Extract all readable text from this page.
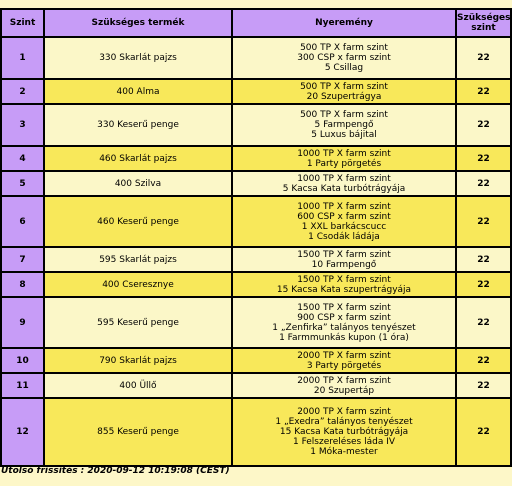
Szint	Szükséges termék	Nyeremény	Szükséges szint
1	330 Skarlát pajzs	500 TP X farm szint
300 CSP x farm szint
5 Csillag	22
2	400 Alma	500 TP X farm szint
20 Szupertrágya	22
3	330 Keserű penge	500 TP X farm szint
5 Farmpengő
5 Luxus bájital	22
4	460 Skarlát pajzs	1000 TP X farm szint
1 Party pörgetés	22
5	400 Szilva	1000 TP X farm szint
5 Kacsa Kata turbótrágyája	22
6	460 Keserű penge	1000 TP X farm szint
600 CSP x farm szint
1 XXL barkácscucc
1 Csodák ládája	22
7	595 Skarlát pajzs	1500 TP X farm szint
10 Farmpengő	22
8	400 Cseresznye	1500 TP X farm szint
15 Kacsa Kata szupertrágyája	22
9	595 Keserű penge	1500 TP X farm szint
900 CSP x farm szint
1 „Zenfirka” talányos tenyészet
1 Farmmunkás kupon (1 óra)	22
10	790 Skarlát pajzs	2000 TP X farm szint
3 Party pörgetés	22
11	400 Üllő	2000 TP X farm szint
20 Szupertáp	22
12	855 Keserű penge	2000 TP X farm szint
1 „Exedra” talányos tenyészet
15 Kacsa Kata turbótrágyája
1 Felszereléses láda IV
1 Móka-mester	22
Utolsó frissítés : 2020-09-12 10:19:08 (CEST)
